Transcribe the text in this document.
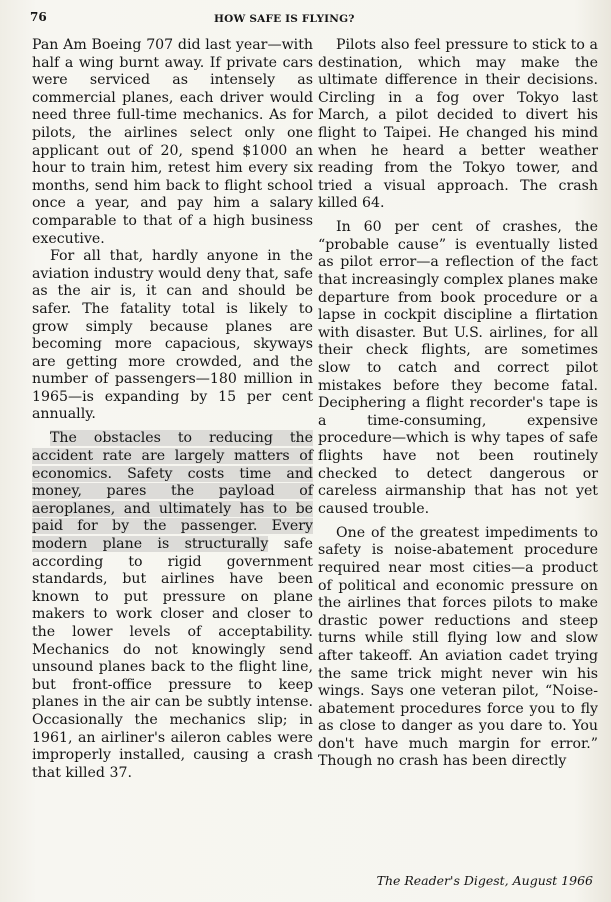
76	HOW SAFE IS FLYING?

Pan Am Boeing 707 did last year—with half a wing burnt away. If private cars were serviced as intensely as commercial planes, each driver would need three full-time mechanics. As for pilots, the airlines select only one applicant out of 20, spend $1000 an hour to train him, retest him every six months, send him back to flight school once a year, and pay him a salary comparable to that of a high business executive.

For all that, hardly anyone in the aviation industry would deny that, safe as the air is, it can and should be safer. The fatality total is likely to grow simply because planes are becoming more capacious, skyways are getting more crowded, and the number of passengers—180 million in 1965—is expanding by 15 per cent annually.

The obstacles to reducing the accident rate are largely matters of economics. Safety costs time and money, pares the payload of aeroplanes, and ultimately has to be paid for by the passenger. Every modern plane is structurally safe according to rigid government standards, but airlines have been known to put pressure on plane makers to work closer and closer to the lower levels of acceptability. Mechanics do not knowingly send unsound planes back to the flight line, but front-office pressure to keep planes in the air can be subtly intense. Occasionally the mechanics slip; in 1961, an airliner's aileron cables were improperly installed, causing a crash that killed 37.

Pilots also feel pressure to stick to a destination, which may make the ultimate difference in their decisions. Circling in a fog over Tokyo last March, a pilot decided to divert his flight to Taipei. He changed his mind when he heard a better weather reading from the Tokyo tower, and tried a visual approach. The crash killed 64.

In 60 per cent of crashes, the “probable cause” is eventually listed as pilot error—a reflection of the fact that increasingly complex planes make departure from book procedure or a lapse in cockpit discipline a flirtation with disaster. But U.S. airlines, for all their check flights, are sometimes slow to catch and correct pilot mistakes before they become fatal. Deciphering a flight recorder's tape is a time-consuming, expensive procedure—which is why tapes of safe flights have not been routinely checked to detect dangerous or careless airmanship that has not yet caused trouble.

One of the greatest impediments to safety is noise-abatement procedure required near most cities—a product of political and economic pressure on the airlines that forces pilots to make drastic power reductions and steep turns while still flying low and slow after takeoff. An aviation cadet trying the same trick might never win his wings. Says one veteran pilot, “Noise-abatement procedures force you to fly as close to danger as you dare to. You don't have much margin for error.” Though no crash has been directly

The Reader's Digest, August 1966
